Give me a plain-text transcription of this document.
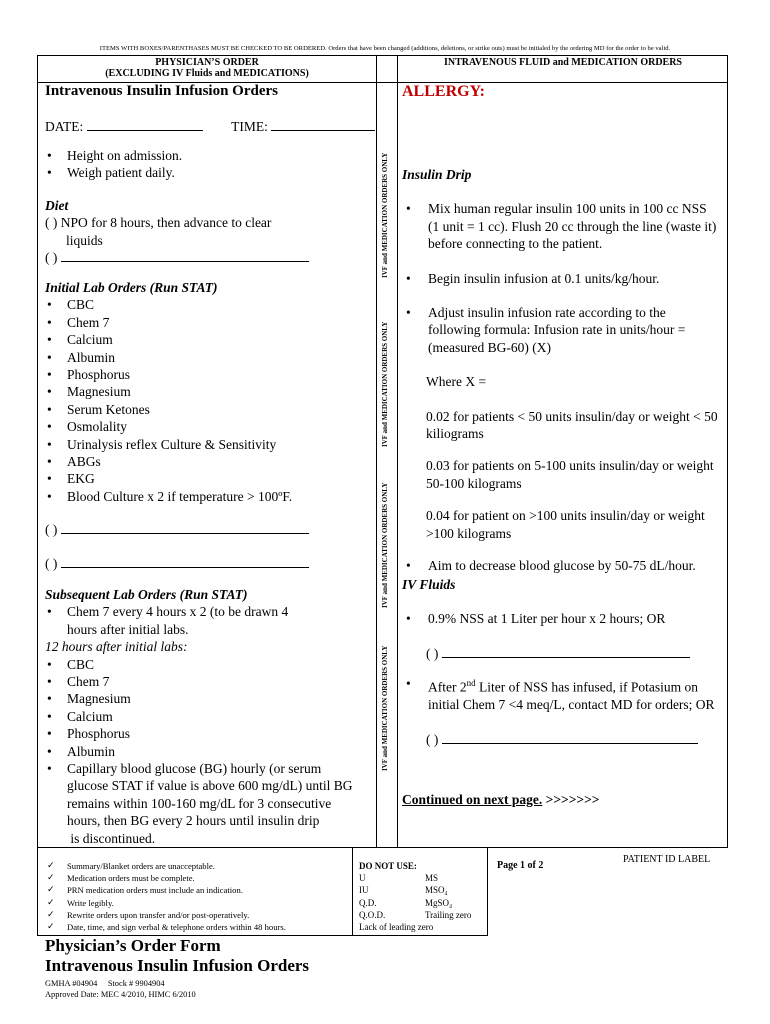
ITEMS WITH BOXES/PARENTHASES MUST BE CHECKED TO BE ORDERED. Orders that have been changed (additions, deletions, or strike outs) must be initialed by the ordering MD for the order to be valid.
PHYSICIAN’S ORDER
(EXCLUDING IV Fluids and MEDICATIONS)
INTRAVENOUS FLUID and MEDICATION ORDERS
Intravenous Insulin Infusion Orders	ALLERGY:
DATE:	TIME:
• Height on admission.
• Weigh patient daily.
Diet
( ) NPO for 8 hours, then advance to clear
liquids
( )
Initial Lab Orders (Run STAT)
• CBC
• Chem 7
• Calcium
• Albumin
• Phosphorus
• Magnesium
• Serum Ketones
• Osmolality
• Urinalysis reflex Culture & Sensitivity
• ABGs
• EKG
• Blood Culture x 2 if temperature > 100ºF.
( )
( )
Subsequent Lab Orders (Run STAT)
• Chem 7 every 4 hours x 2 (to be drawn 4
hours after initial labs.
12 hours after initial labs:
• CBC
• Chem 7
• Magnesium
• Calcium
• Phosphorus
• Albumin
• Capillary blood glucose (BG) hourly (or serum
glucose STAT if value is above 600 mg/dL) until BG
remains within 100-160 mg/dL for 3 consecutive
hours, then BG every 2 hours until insulin drip
is discontinued.
IVF and MEDICATION ORDERS ONLY
IVF and MEDICATION ORDERS ONLY
IVF and MEDICATION ORDERS ONLY
IVF and MEDICATION ORDERS ONLY
Insulin Drip

• Mix human regular insulin 100 units in 100 cc NSS
(1 unit = 1 cc). Flush 20 cc through the line (waste it)
before connecting to the patient.

• Begin insulin infusion at 0.1 units/kg/hour.

• Adjust insulin infusion rate according to the
following formula: Infusion rate in units/hour =
(measured BG-60) (X)

Where X =
0.02 for patients < 50 units insulin/day or weight < 50
kiliograms
0.03 for patients on 5-100 units insulin/day or weight
50-100 kilograms
0.04 for patient on >100 units insulin/day or weight
>100 kilograms

• Aim to decrease blood glucose by 50-75 dL/hour.

IV Fluids

• 0.9% NSS at 1 Liter per hour x 2 hours; OR

( )

• After 2nd Liter of NSS has infused, if Potasium on
initial Chem 7 <4 meq/L, contact MD for orders; OR

( )
Continued on next page. >>>>>>>
✓ Summary/Blanket orders are unacceptable.
✓ Medication orders must be complete.
✓ PRN medication orders must include an indication.
✓ Write legibly.
✓ Rewrite orders upon transfer and/or post-operatively.
✓ Date, time, and sign verbal & telephone orders within 48 hours.
DO NOT USE:
U	MS
IU	MSO₄
Q.D.	MgSO₄
Q.O.D.	Trailing zero
Lack of leading zero
Page 1 of 2
PATIENT ID LABEL
Physician’s Order Form
Intravenous Insulin Infusion Orders
GMHA #04904     Stock # 9904904
Approved Date: MEC 4/2010, HIMC 6/2010
